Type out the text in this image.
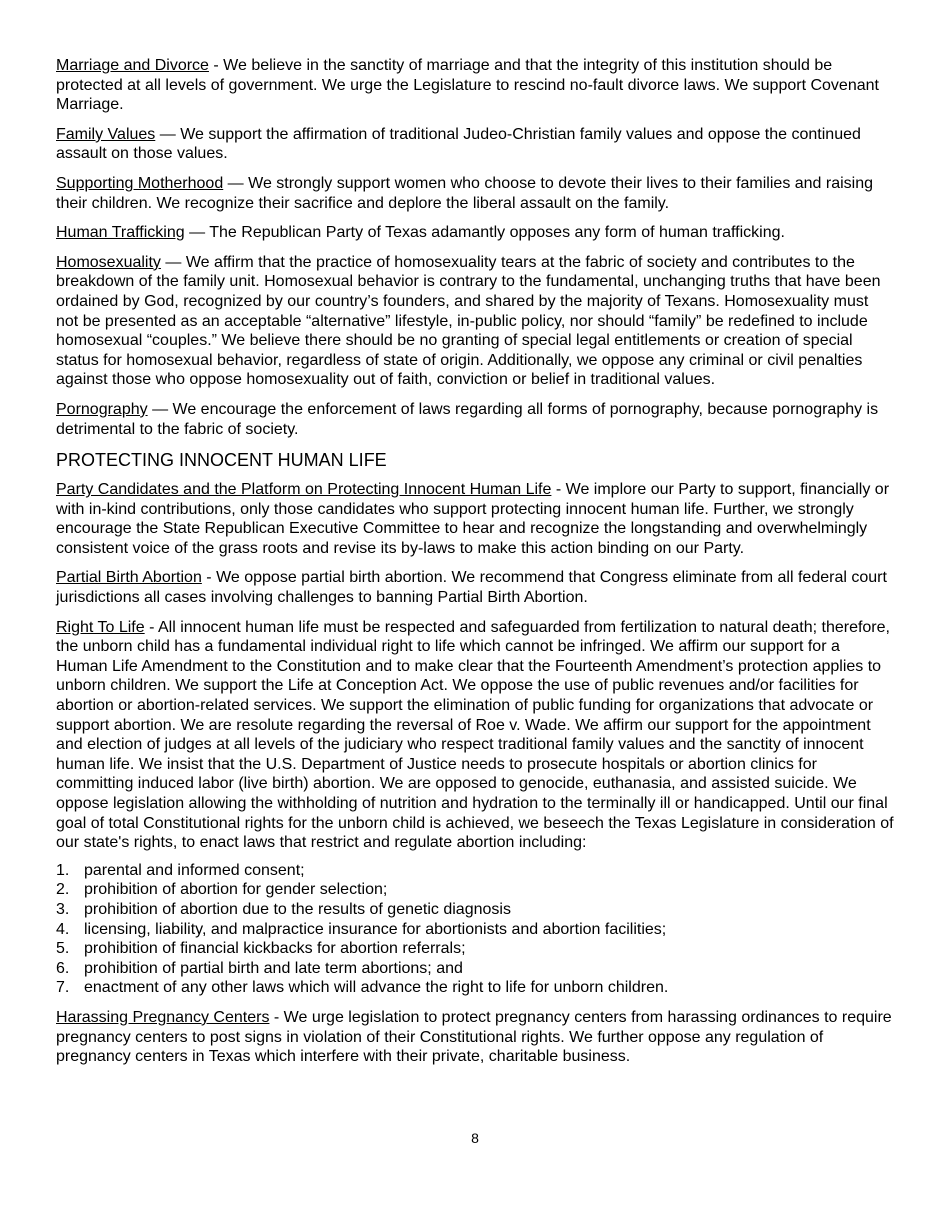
Marriage and Divorce - We believe in the sanctity of marriage and that the integrity of this institution should be protected at all levels of government. We urge the Legislature to rescind no-fault divorce laws. We support Covenant Marriage.

Family Values — We support the affirmation of traditional Judeo-Christian family values and oppose the continued assault on those values.

Supporting Motherhood — We strongly support women who choose to devote their lives to their families and raising their children. We recognize their sacrifice and deplore the liberal assault on the family.

Human Trafficking — The Republican Party of Texas adamantly opposes any form of human trafficking.

Homosexuality — We affirm that the practice of homosexuality tears at the fabric of society and contributes to the breakdown of the family unit. Homosexual behavior is contrary to the fundamental, unchanging truths that have been ordained by God, recognized by our country’s founders, and shared by the majority of Texans. Homosexuality must not be presented as an acceptable “alternative” lifestyle, in-public policy, nor should “family” be redefined to include homosexual “couples.” We believe there should be no granting of special legal entitlements or creation of special status for homosexual behavior, regardless of state of origin. Additionally, we oppose any criminal or civil penalties against those who oppose homosexuality out of faith, conviction or belief in traditional values.

Pornography — We encourage the enforcement of laws regarding all forms of pornography, because pornography is detrimental to the fabric of society.

PROTECTING INNOCENT HUMAN LIFE

Party Candidates and the Platform on Protecting Innocent Human Life - We implore our Party to support, financially or with in-kind contributions, only those candidates who support protecting innocent human life. Further, we strongly encourage the State Republican Executive Committee to hear and recognize the longstanding and overwhelmingly consistent voice of the grass roots and revise its by-laws to make this action binding on our Party.

Partial Birth Abortion - We oppose partial birth abortion. We recommend that Congress eliminate from all federal court jurisdictions all cases involving challenges to banning Partial Birth Abortion.

Right To Life - All innocent human life must be respected and safeguarded from fertilization to natural death; therefore, the unborn child has a fundamental individual right to life which cannot be infringed. We affirm our support for a Human Life Amendment to the Constitution and to make clear that the Fourteenth Amendment’s protection applies to unborn children. We support the Life at Conception Act. We oppose the use of public revenues and/or facilities for abortion or abortion-related services. We support the elimination of public funding for organizations that advocate or support abortion. We are resolute regarding the reversal of Roe v. Wade. We affirm our support for the appointment and election of judges at all levels of the judiciary who respect traditional family values and the sanctity of innocent human life. We insist that the U.S. Department of Justice needs to prosecute hospitals or abortion clinics for committing induced labor (live birth) abortion. We are opposed to genocide, euthanasia, and assisted suicide. We oppose legislation allowing the withholding of nutrition and hydration to the terminally ill or handicapped. Until our final goal of total Constitutional rights for the unborn child is achieved, we beseech the Texas Legislature in consideration of our state's rights, to enact laws that restrict and regulate abortion including:

1. parental and informed consent;
2. prohibition of abortion for gender selection;
3. prohibition of abortion due to the results of genetic diagnosis
4. licensing, liability, and malpractice insurance for abortionists and abortion facilities;
5. prohibition of financial kickbacks for abortion referrals;
6. prohibition of partial birth and late term abortions; and
7. enactment of any other laws which will advance the right to life for unborn children.

Harassing Pregnancy Centers - We urge legislation to protect pregnancy centers from harassing ordinances to require pregnancy centers to post signs in violation of their Constitutional rights. We further oppose any regulation of pregnancy centers in Texas which interfere with their private, charitable business.

8
